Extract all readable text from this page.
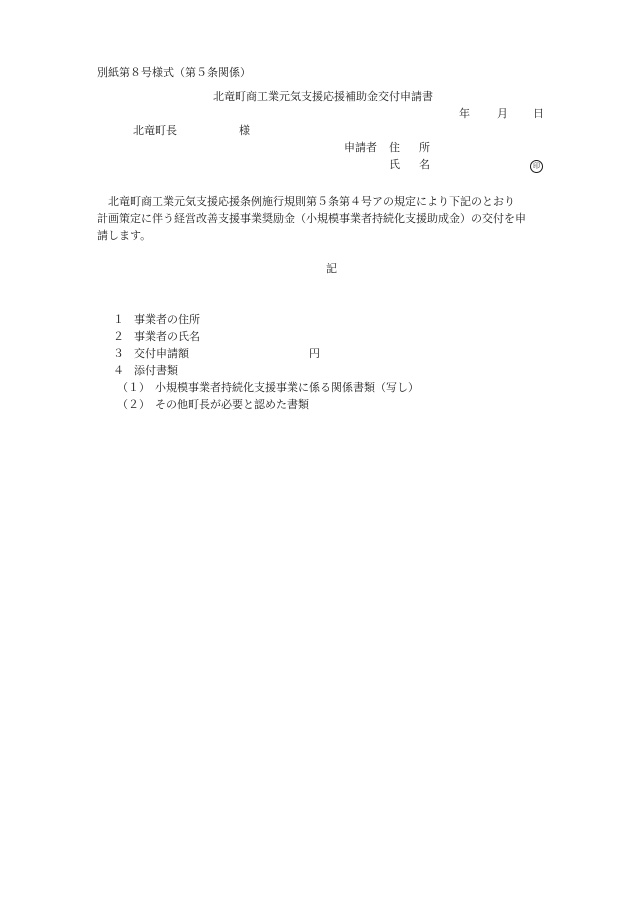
別紙第８号様式（第５条関係）
北竜町商工業元気支援応援補助金交付申請書
年 月 日
北竜町長	様
申請者 住　所
氏　名	印
　北竜町商工業元気支援応援条例施行規則第５条第４号アの規定により下記のとおり
計画策定に伴う経営改善支援事業奨励金（小規模事業者持続化支援助成金）の交付を申
請します。
記
１ 事業者の住所
２ 事業者の氏名
３ 交付申請額	円
４ 添付書類
（１） 小規模事業者持続化支援事業に係る関係書類（写し）
（２） その他町長が必要と認めた書類
